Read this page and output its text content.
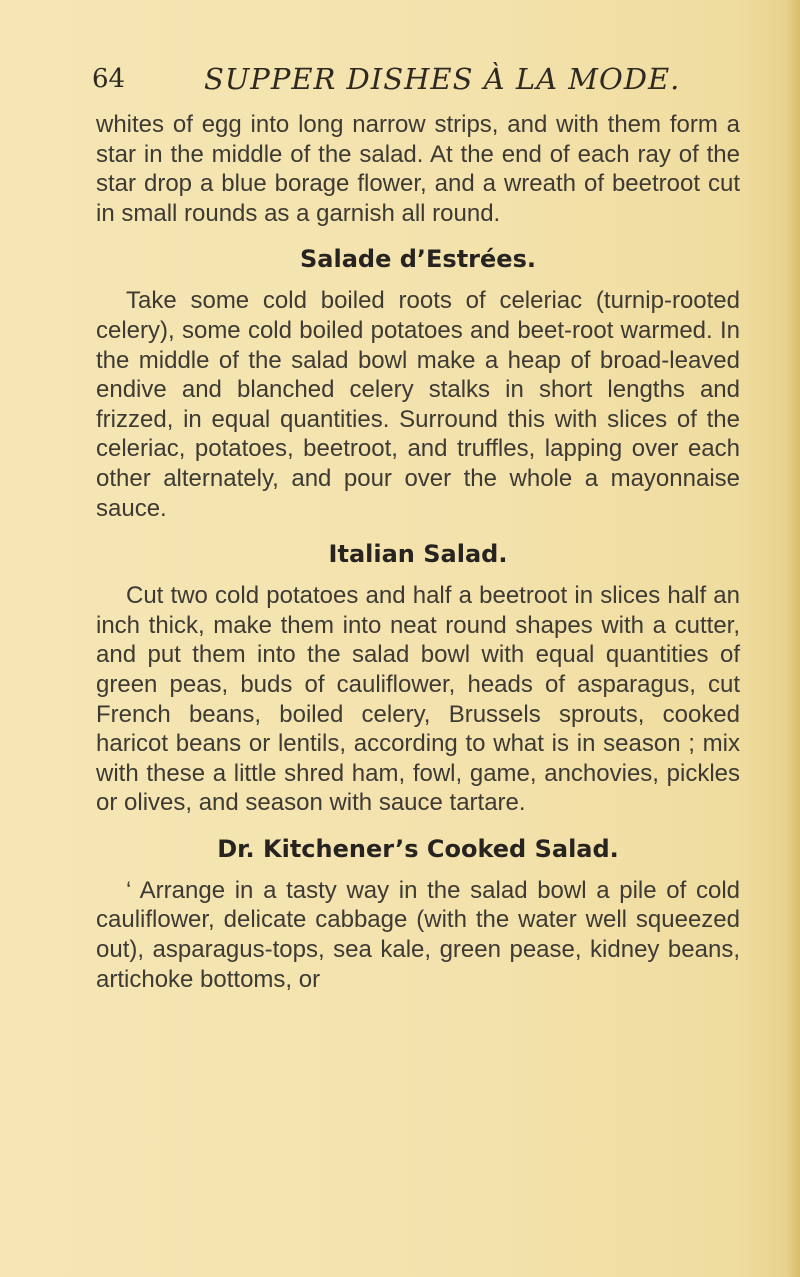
64	SUPPER DISHES À LA MODE.

whites of egg into long narrow strips, and with them form a star in the middle of the salad. At the end of each ray of the star drop a blue borage flower, and a wreath of beetroot cut in small rounds as a garnish all round.

Salade d’Estrées.

Take some cold boiled roots of celeriac (turnip-rooted celery), some cold boiled potatoes and beet-root warmed. In the middle of the salad bowl make a heap of broad-leaved endive and blanched celery stalks in short lengths and frizzed, in equal quantities. Surround this with slices of the celeriac, potatoes, beetroot, and truffles, lapping over each other alternately, and pour over the whole a mayonnaise sauce.

Italian Salad.

Cut two cold potatoes and half a beetroot in slices half an inch thick, make them into neat round shapes with a cutter, and put them into the salad bowl with equal quantities of green peas, buds of cauliflower, heads of asparagus, cut French beans, boiled celery, Brussels sprouts, cooked haricot beans or lentils, according to what is in season ; mix with these a little shred ham, fowl, game, anchovies, pickles or olives, and season with sauce tartare.

Dr. Kitchener’s Cooked Salad.

‘ Arrange in a tasty way in the salad bowl a pile of cold cauliflower, delicate cabbage (with the water well squeezed out), asparagus-tops, sea kale, green pease, kidney beans, artichoke bottoms, or
